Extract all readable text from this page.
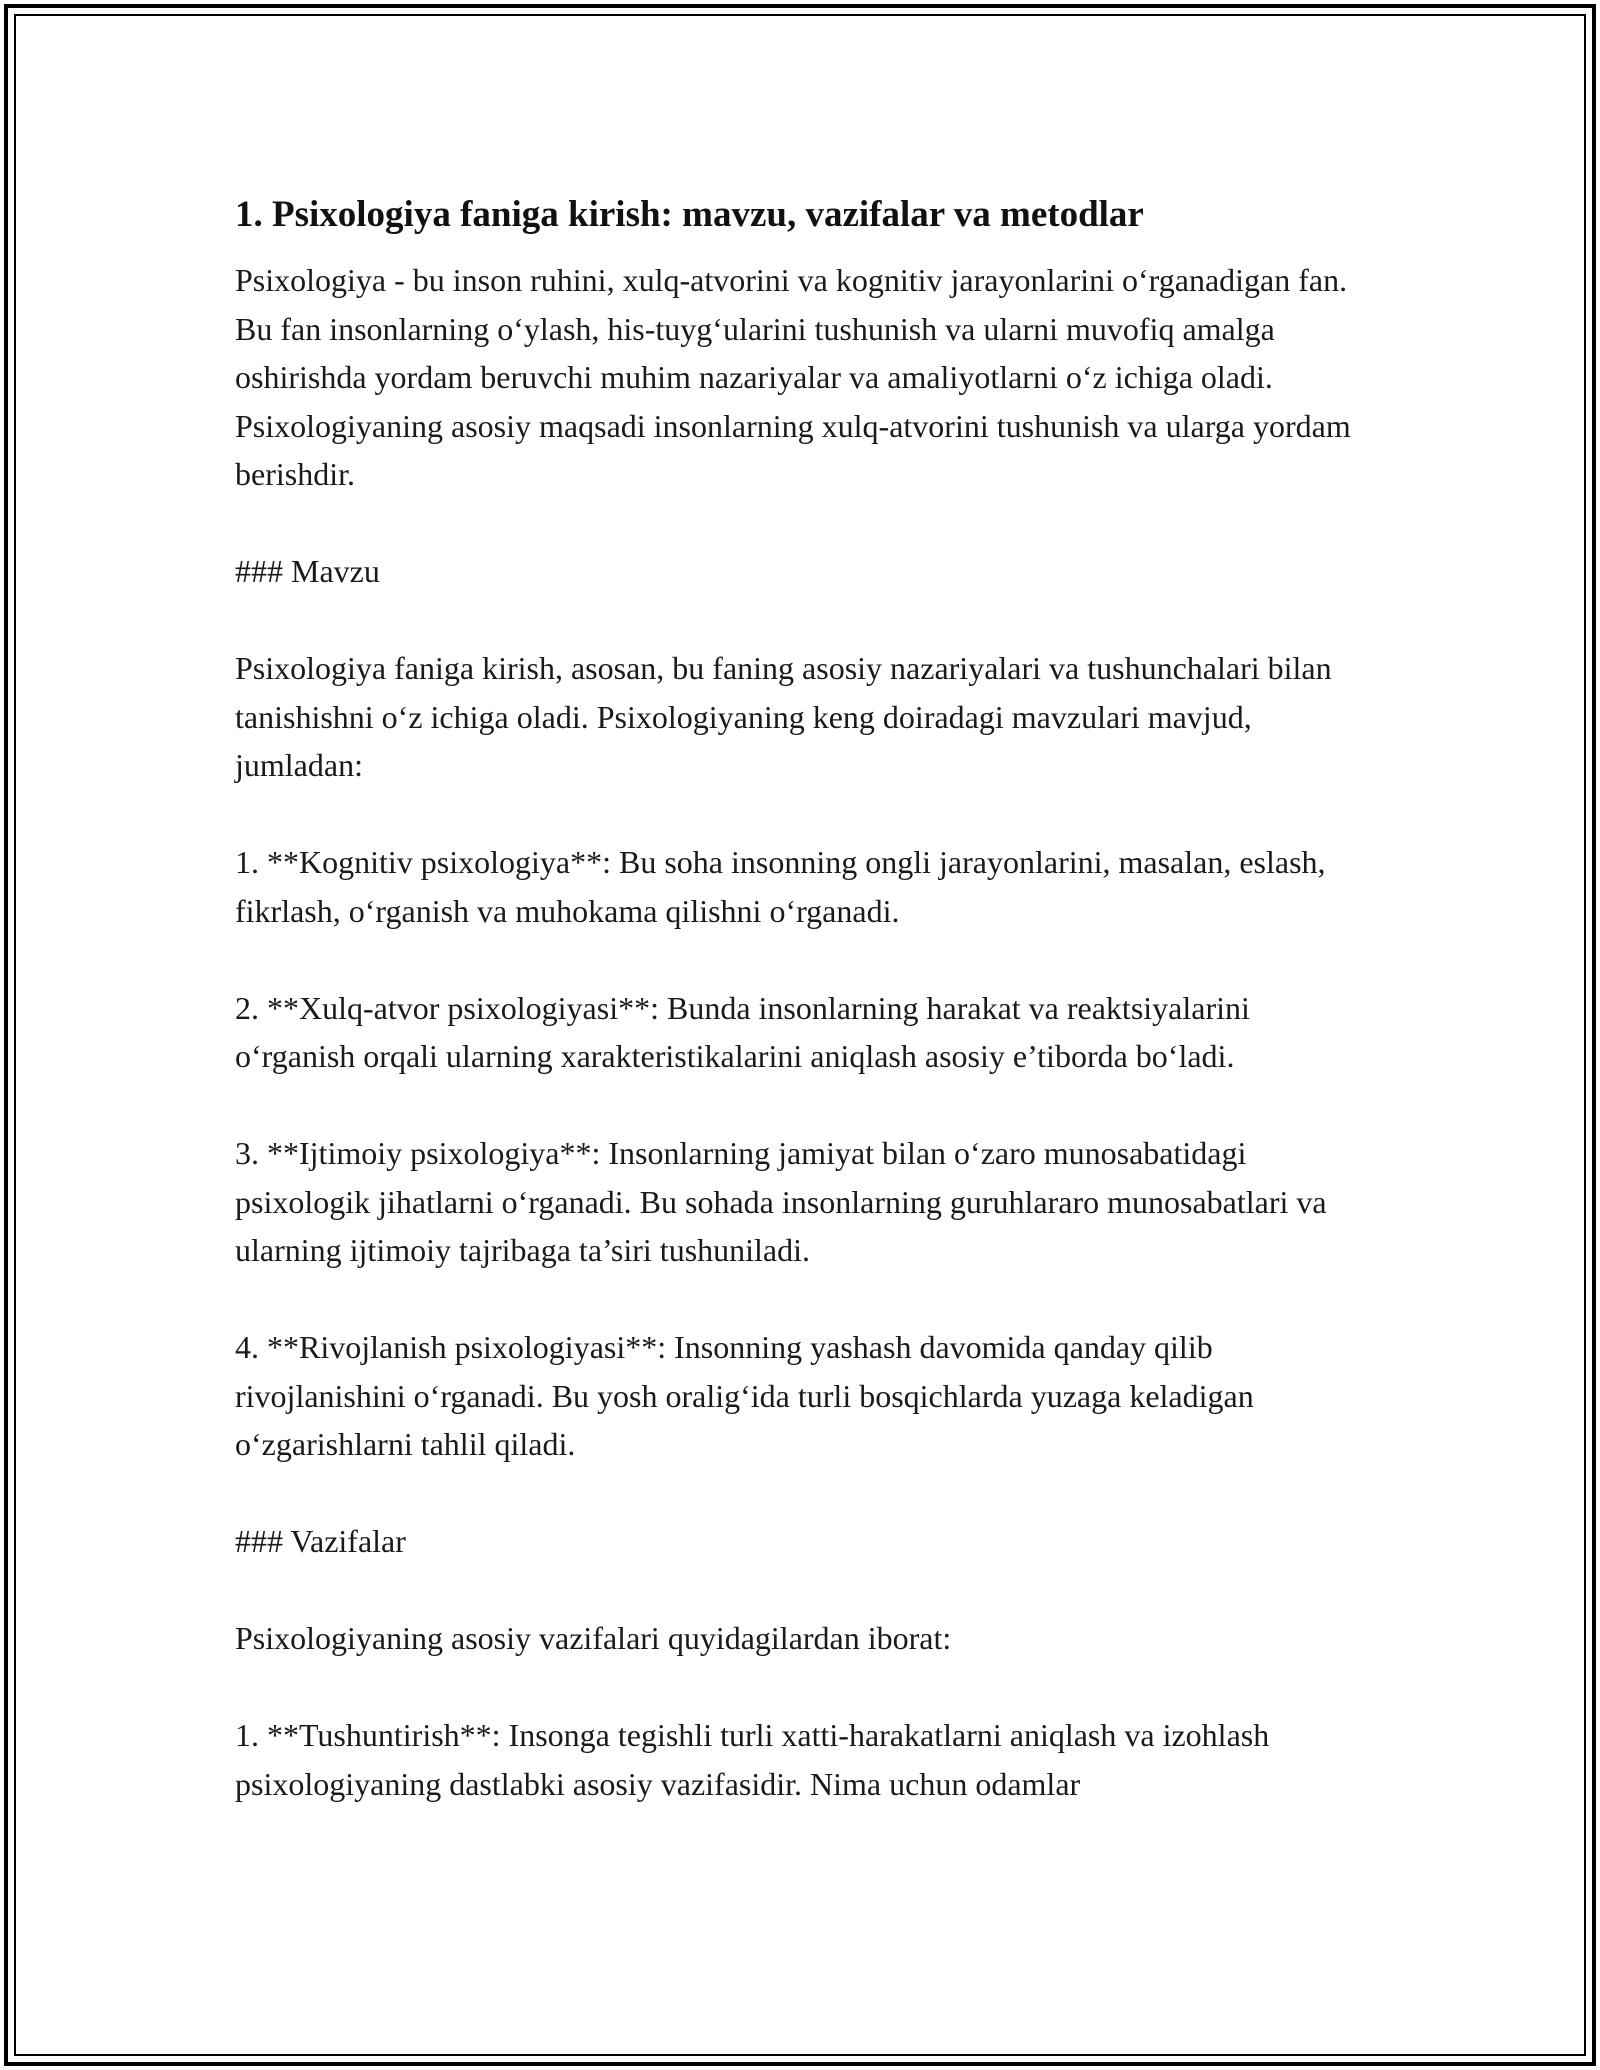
1. Psixologiya faniga kirish: mavzu, vazifalar va metodlar

Psixologiya - bu inson ruhini, xulq-atvorini va kognitiv jarayonlarini o‘rganadigan fan. Bu fan insonlarning o‘ylash, his-tuyg‘ularini tushunish va ularni muvofiq amalga oshirishda yordam beruvchi muhim nazariyalar va amaliyotlarni o‘z ichiga oladi. Psixologiyaning asosiy maqsadi insonlarning xulq-atvorini tushunish va ularga yordam berishdir.

### Mavzu

Psixologiya faniga kirish, asosan, bu faning asosiy nazariyalari va tushunchalari bilan tanishishni o‘z ichiga oladi. Psixologiyaning keng doiradagi mavzulari mavjud, jumladan:

1. **Kognitiv psixologiya**: Bu soha insonning ongli jarayonlarini, masalan, eslash, fikrlash, o‘rganish va muhokama qilishni o‘rganadi.

2. **Xulq-atvor psixologiyasi**: Bunda insonlarning harakat va reaktsiyalarini o‘rganish orqali ularning xarakteristikalarini aniqlash asosiy e’tiborda bo‘ladi.

3. **Ijtimoiy psixologiya**: Insonlarning jamiyat bilan o‘zaro munosabatidagi psixologik jihatlarni o‘rganadi. Bu sohada insonlarning guruhlararo munosabatlari va ularning ijtimoiy tajribaga ta’siri tushuniladi.

4. **Rivojlanish psixologiyasi**: Insonning yashash davomida qanday qilib rivojlanishini o‘rganadi. Bu yosh oralig‘ida turli bosqichlarda yuzaga keladigan o‘zgarishlarni tahlil qiladi.

### Vazifalar

Psixologiyaning asosiy vazifalari quyidagilardan iborat:

1. **Tushuntirish**: Insonga tegishli turli xatti-harakatlarni aniqlash va izohlash psixologiyaning dastlabki asosiy vazifasidir. Nima uchun odamlar
